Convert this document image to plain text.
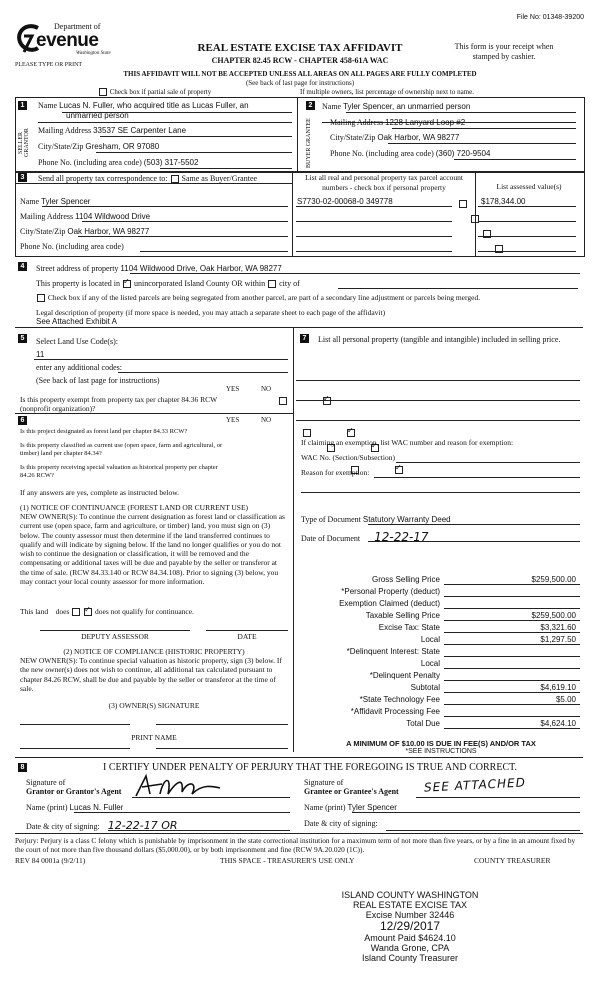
File No: 01348-39200
Department of
evenue
Washington State
PLEASE TYPE OR PRINT
REAL ESTATE EXCISE TAX AFFIDAVIT
CHAPTER 82.45 RCW - CHAPTER 458-61A WAC
This form is your receipt when stamped by cashier.
THIS AFFIDAVIT WILL NOT BE ACCEPTED UNLESS ALL AREAS ON ALL PAGES ARE FULLY COMPLETED
(See back of last page for instructions)
Check box if partial sale of property	If multiple owners, list percentage of ownership next to name.
1
SELLER GRANTOR
Name Lucas N. Fuller, who acquired title as Lucas Fuller, an
unmarried person
Mailing Address 33537 SE Carpenter Lane
City/State/Zip Gresham, OR 97080
Phone No. (including area code) (503) 317-5502
2
BUYER GRANTEE
Name Tyler Spencer, an unmarried person
Mailing Address 1228 Lanyard Loop #2
City/State/Zip Oak Harbor, WA 98277
Phone No. (including area code) (360) 720-9504
3	Send all property tax correspondence to: Same as Buyer/Grantee
Name Tyler Spencer
Mailing Address 1104 Wildwood Drive
City/State/Zip Oak Harbor, WA 98277
Phone No. (including area code)
List all real and personal property tax parcel account numbers - check box if personal property	List assessed value(s)
S7730-02-00068-0 349778	$178,344.00

4	Street address of property 1104 Wildwood Drive, Oak Harbor, WA 98277
This property is located in ✓ unincorporated Island County OR within city of
Check box if any of the listed parcels are being segregated from another parcel, are part of a secondary line adjustment or parcels being merged.
Legal description of property (if more space is needed, you may attach a separate sheet to each page of the affidavit)
See Attached Exhibit A
5	Select Land Use Code(s):
11
enter any additional codes:
(See back of last page for instructions)
YES	NO
Is this property exempt from property tax per chapter 84.36 RCW (nonprofit organization)?
✓
6	YES	NO
Is this project designated as forest land per chapter 84.33 RCW?
✓
Is this property classified as current use (open space, farm and agricultural, or timber) land per chapter 84.34?
✓
Is this property receiving special valuation as historical property per chapter 84.26 RCW?
✓
If any answers are yes, complete as instructed below.
(1) NOTICE OF CONTINUANCE (FOREST LAND OR CURRENT USE)
NEW OWNER(S): To continue the current designation as forest land or classification as current use (open space, farm and agriculture, or timber) land, you must sign on (3) below. The county assessor must then determine if the land transferred continues to qualify and will indicate by signing below. If the land no longer qualifies or you do not wish to continue the designation or classification, it will be removed and the compensating or additional taxes will be due and payable by the seller or transferor at the time of sale. (RCW 84.33.140 or RCW 84.34.108). Prior to signing (3) below, you may contact your local county assessor for more information.
This land does ✓	does not qualify for continuance.
DEPUTY ASSESSOR	DATE
(2) NOTICE OF COMPLIANCE (HISTORIC PROPERTY)
NEW OWNER(S): To continue special valuation as historic property, sign (3) below. If the new owner(s) does not wish to continue, all additional tax calculated pursuant to chapter 84.26 RCW, shall be due and payable by the seller or transferor at the time of sale.
(3) OWNER(S) SIGNATURE
PRINT NAME
7	List all personal property (tangible and intangible) included in selling price.
If claiming an exemption, list WAC number and reason for exemption:
WAC No. (Section/Subsection)
Reason for exemption:
Type of Document Statutory Warranty Deed
Date of Document 12-22-17
Gross Selling Price	$259,500.00
*Personal Property (deduct)
Exemption Claimed (deduct)
Taxable Selling Price	$259,500.00
Excise Tax: State	$3,321.60
Local	$1,297.50
*Delinquent Interest: State
Local
*Delinquent Penalty
Subtotal	$4,619.10
*State Technology Fee	$5.00
*Affidavit Processing Fee
Total Due	$4,624.10
A MINIMUM OF $10.00 IS DUE IN FEE(S) AND/OR TAX
*SEE INSTRUCTIONS
8	I CERTIFY UNDER PENALTY OF PERJURY THAT THE FOREGOING IS TRUE AND CORRECT.
Signature of
Grantor or Grantor's Agent
Signature of
Grantee or Grantee's Agent SEE ATTACHED
Name (print) Lucas N. Fuller	Name (print) Tyler Spencer
Date & city of signing: 12-22-17 OR	Date & city of signing:
Perjury: Perjury is a class C felony which is punishable by imprisonment in the state correctional institution for a maximum term of not more than five years, or by a fine in an amount fixed by the court of not more than five thousand dollars ($5,000.00), or by both imprisonment and fine (RCW 9A.20.020 (1C)).
REV 84 0001a (9/2/11)	THIS SPACE - TREASURER'S USE ONLY	COUNTY TREASURER
ISLAND COUNTY WASHINGTON
REAL ESTATE EXCISE TAX
Excise Number 32446
12/29/2017
Amount Paid $4624.10
Wanda Grone, CPA
Island County Treasurer
